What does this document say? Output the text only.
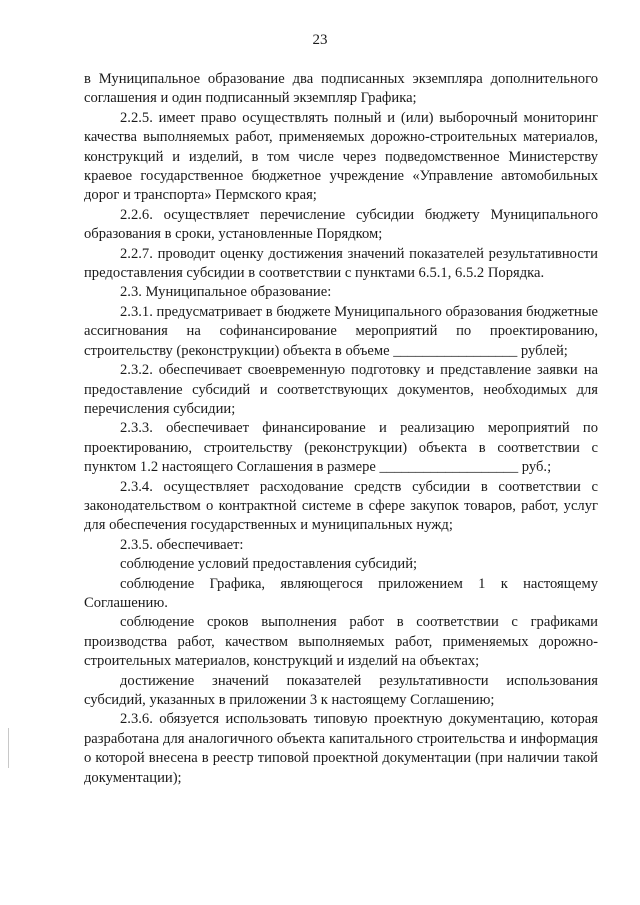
23

в Муниципальное образование два подписанных экземпляра дополнительного соглашения и один подписанный экземпляр Графика;

2.2.5. имеет право осуществлять полный и (или) выборочный мониторинг качества выполняемых работ, применяемых дорожно-строительных материалов, конструкций и изделий, в том числе через подведомственное Министерству краевое государственное бюджетное учреждение «Управление автомобильных дорог и транспорта» Пермского края;

2.2.6. осуществляет перечисление субсидии бюджету Муниципального образования в сроки, установленные Порядком;

2.2.7. проводит оценку достижения значений показателей результативности предоставления субсидии в соответствии с пунктами 6.5.1, 6.5.2 Порядка.

2.3. Муниципальное образование:

2.3.1. предусматривает в бюджете Муниципального образования бюджетные ассигнования на софинансирование мероприятий по проектированию, строительству (реконструкции) объекта в объеме _________________ рублей;

2.3.2. обеспечивает своевременную подготовку и представление заявки на предоставление субсидий и соответствующих документов, необходимых для перечисления субсидии;

2.3.3. обеспечивает финансирование и реализацию мероприятий по проектированию, строительству (реконструкции) объекта в соответствии с пунктом 1.2 настоящего Соглашения в размере ___________________ руб.;

2.3.4. осуществляет расходование средств субсидии в соответствии с законодательством о контрактной системе в сфере закупок товаров, работ, услуг для обеспечения государственных и муниципальных нужд;

2.3.5. обеспечивает:

соблюдение условий предоставления субсидий;

соблюдение Графика, являющегося приложением 1 к настоящему Соглашению.

соблюдение сроков выполнения работ в соответствии с графиками производства работ, качеством выполняемых работ, применяемых дорожно-строительных материалов, конструкций и изделий на объектах;

достижение значений показателей результативности использования субсидий, указанных в приложении 3 к настоящему Соглашению;

2.3.6. обязуется использовать типовую проектную документацию, которая разработана для аналогичного объекта капитального строительства и информация о которой внесена в реестр типовой проектной документации (при наличии такой документации);
